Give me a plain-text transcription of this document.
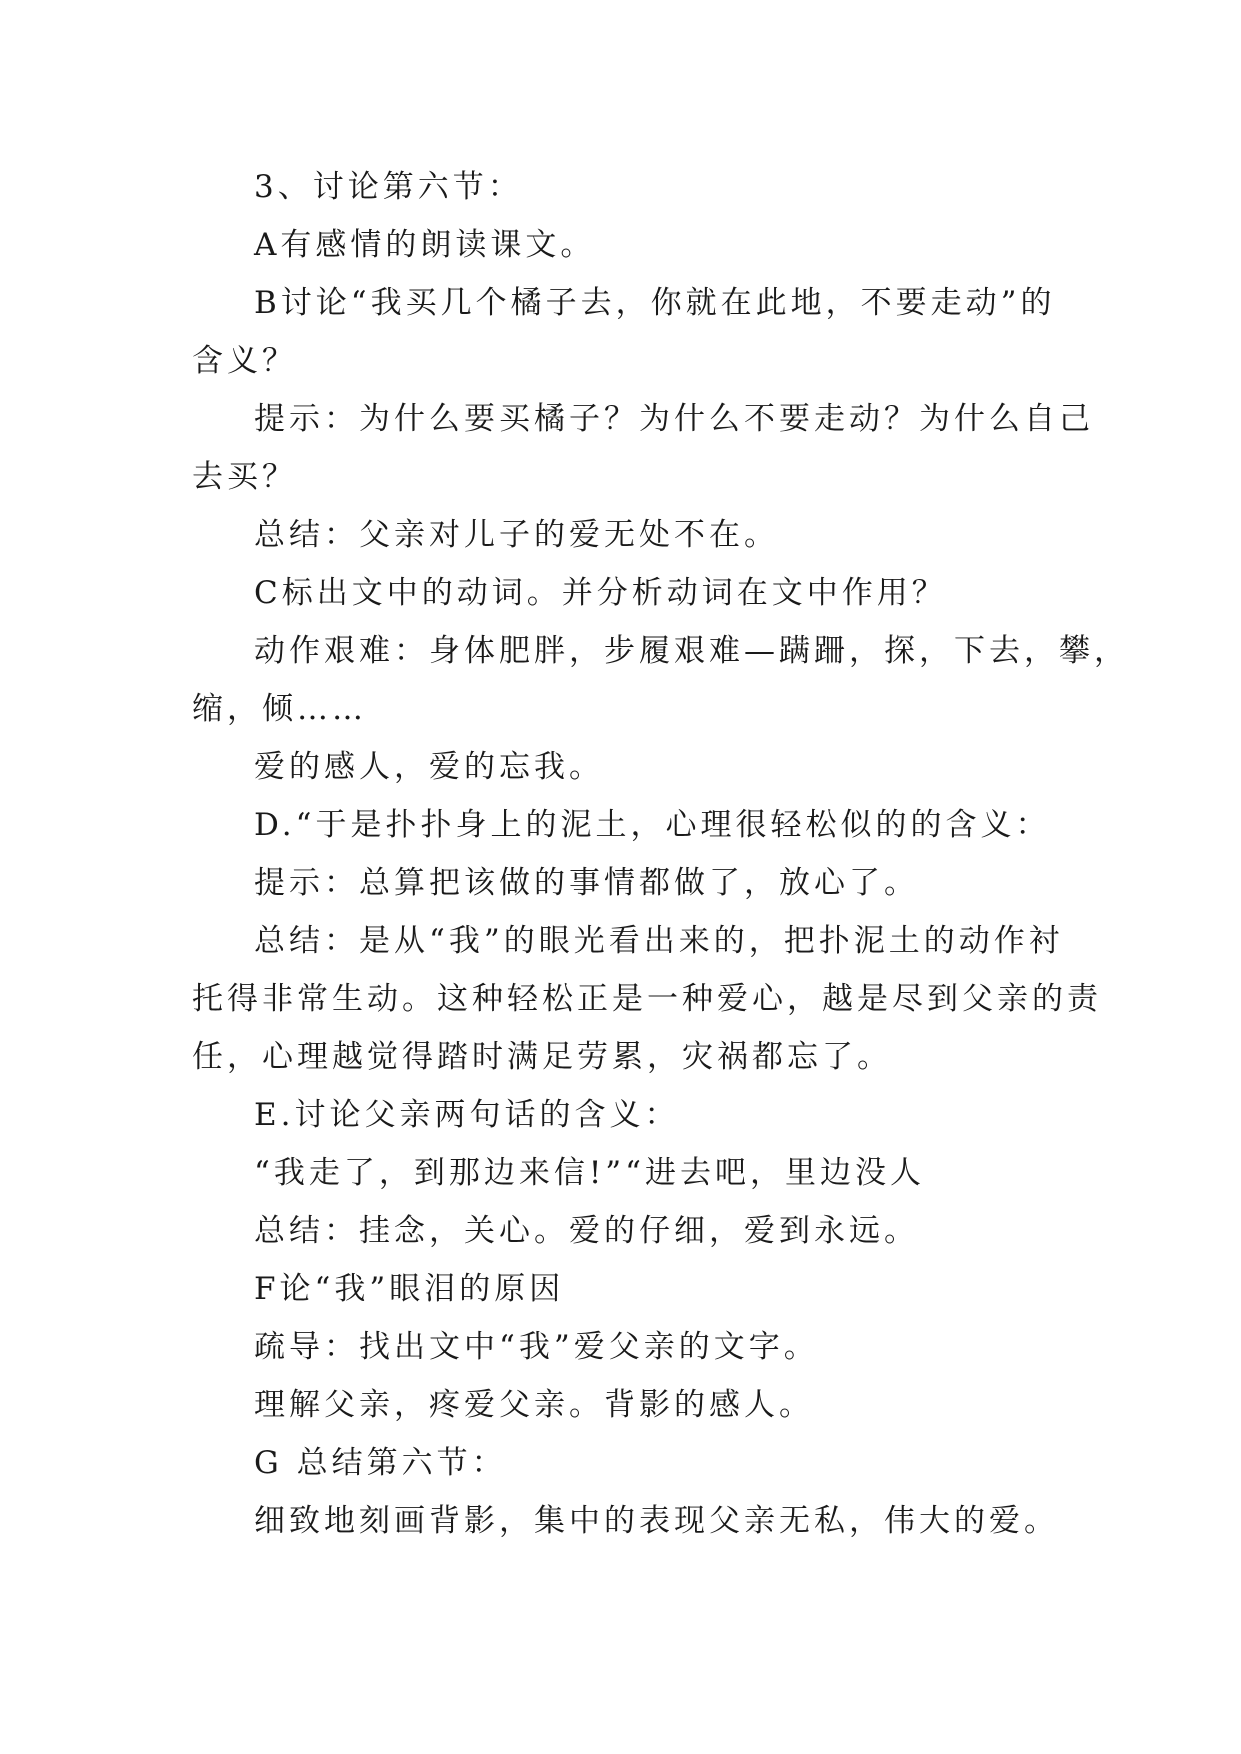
3、讨论第六节：

A有感情的朗读课文。

B讨论“我买几个橘子去，你就在此地，不要走动”的

含义？

提示：为什么要买橘子？为什么不要走动？为什么自己

去买？

总结：父亲对儿子的爱无处不在。

C标出文中的动词。并分析动词在文中作用？

动作艰难：身体肥胖，步履艰难—蹒跚，探，下去，攀，

缩，倾……

爱的感人，爱的忘我。

D.“于是扑扑身上的泥土，心理很轻松似的的含义：

提示：总算把该做的事情都做了，放心了。

总结：是从“我”的眼光看出来的，把扑泥土的动作衬

托得非常生动。这种轻松正是一种爱心，越是尽到父亲的责

任，心理越觉得踏时满足劳累，灾祸都忘了。

E.讨论父亲两句话的含义：

“我走了，到那边来信!”“进去吧，里边没人

总结：挂念，关心。爱的仔细，爱到永远。

F论“我”眼泪的原因

疏导：找出文中“我”爱父亲的文字。

理解父亲，疼爱父亲。背影的感人。

G 总结第六节：

细致地刻画背影，集中的表现父亲无私，伟大的爱。
